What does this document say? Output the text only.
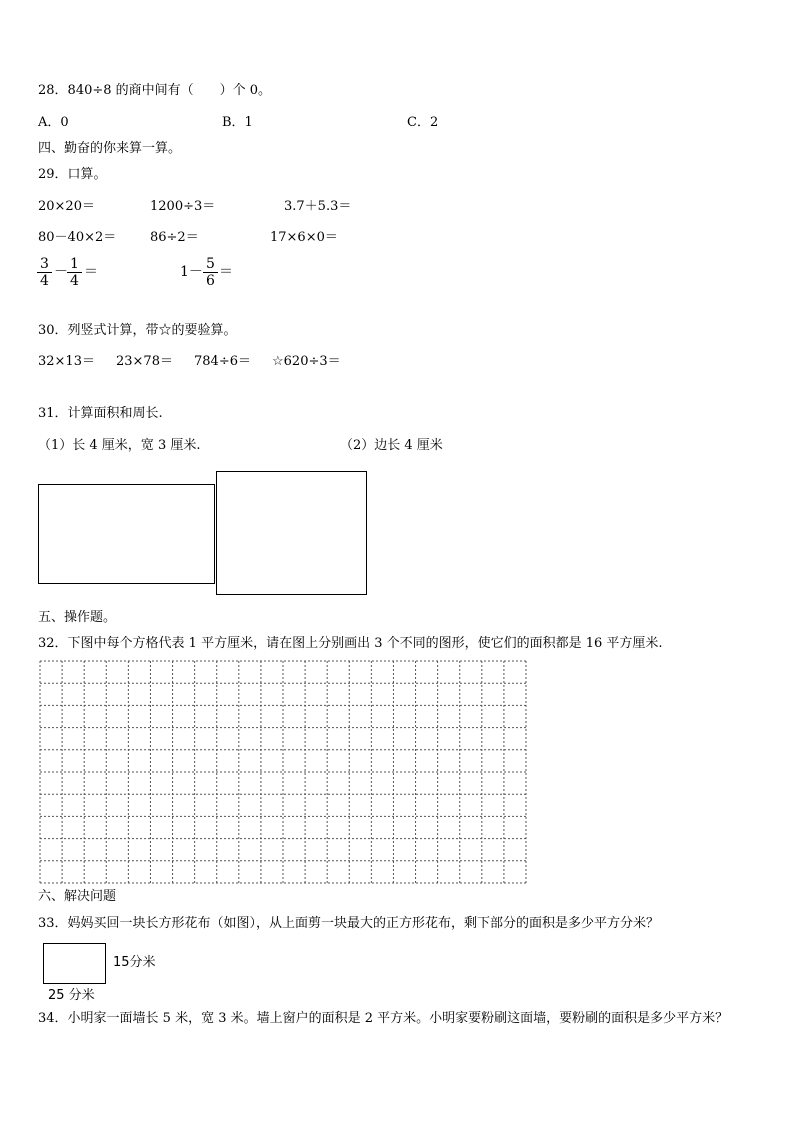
28．840÷8 的商中间有（　　）个 0。
A．0	B．1	C．2
四、勤奋的你来算一算。
29．口算。
20×20＝	1200÷3＝	3.7＋5.3＝
80－40×2＝	86÷2＝	17×6×0＝
$\frac{3}{4} - \frac{1}{4}$ ＝	$1- \frac{5}{6}$ ＝
30．列竖式计算，带☆的要验算。
32×13＝ 23×78＝ 784÷6＝ ☆620÷3＝
31．计算面积和周长.
（1）长 4 厘米，宽 3 厘米.	（2）边长 4 厘米
五、操作题。
32．下图中每个方格代表 1 平方厘米，请在图上分别画出 3 个不同的图形，使它们的面积都是 16 平方厘米.
六、解决问题
33．妈妈买回一块长方形花布（如图），从上面剪一块最大的正方形花布，剩下部分的面积是多少平方分米？
15分米
25 分米
34．小明家一面墙长 5 米，宽 3 米。墙上窗户的面积是 2 平方米。小明家要粉刷这面墙，要粉刷的面积是多少平方米？
